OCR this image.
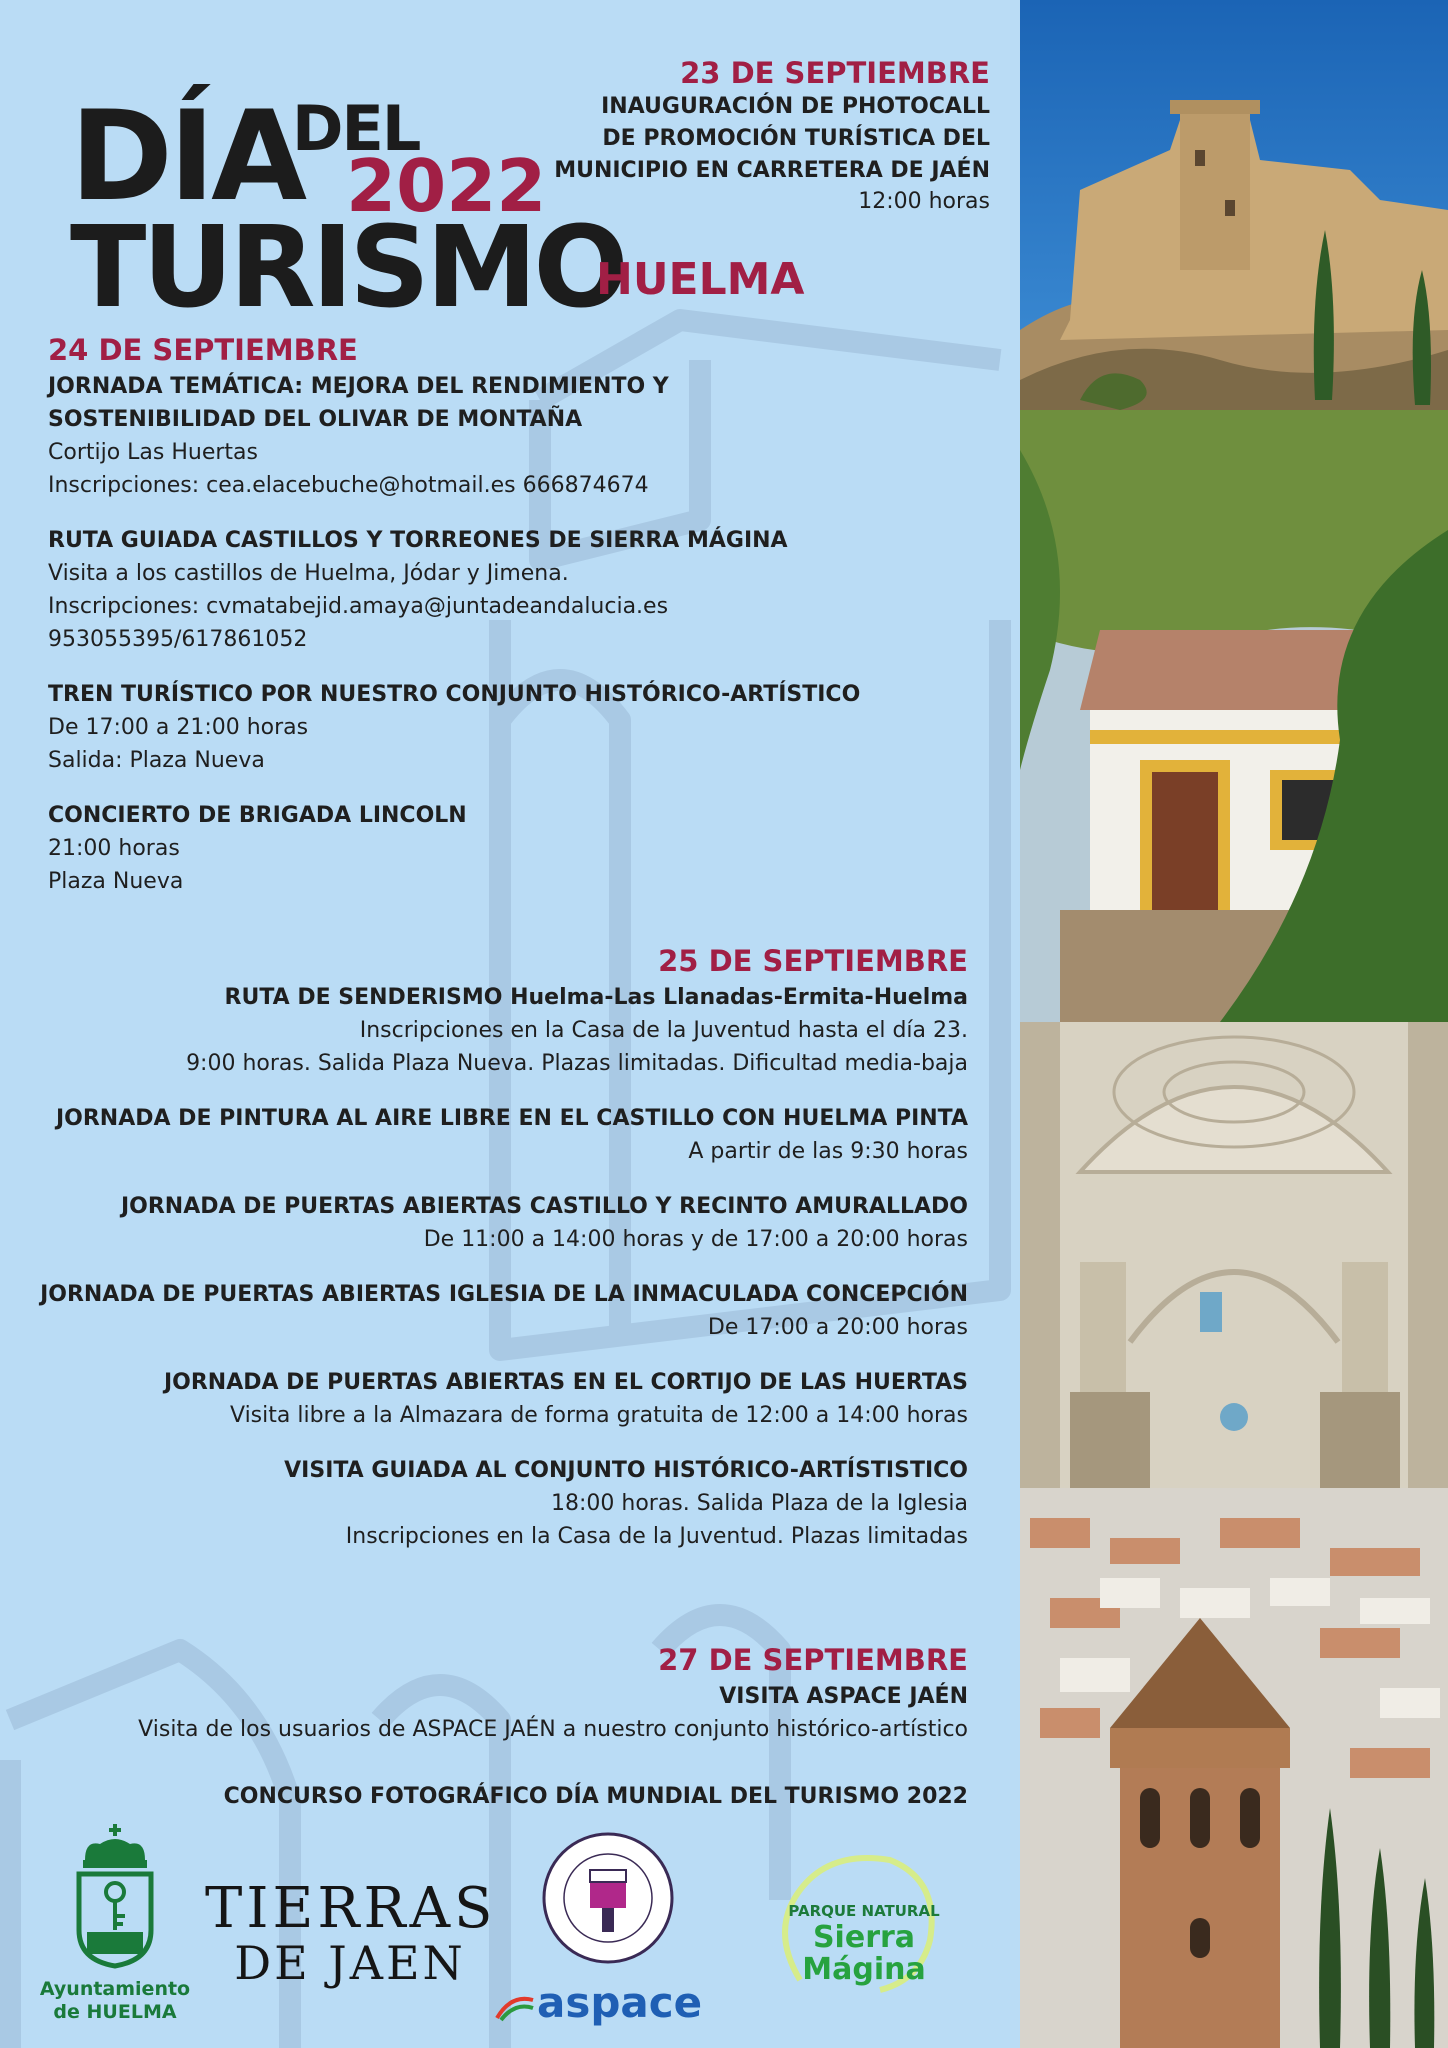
DÍA
DEL
2022
TURISMO
HUELMA
23 DE SEPTIEMBRE
INAUGURACIÓN DE PHOTOCALL
DE PROMOCIÓN TURÍSTICA DEL
MUNICIPIO EN CARRETERA DE JAÉN
12:00 horas
24 DE SEPTIEMBRE
JORNADA TEMÁTICA: MEJORA DEL RENDIMIENTO Y
SOSTENIBILIDAD DEL OLIVAR DE MONTAÑA
Cortijo Las Huertas
Inscripciones: cea.elacebuche@hotmail.es 666874674
RUTA GUIADA CASTILLOS Y TORREONES DE SIERRA MÁGINA
Visita a los castillos de Huelma, Jódar y Jimena.
Inscripciones: cvmatabejid.amaya@juntadeandalucia.es
953055395/617861052
TREN TURÍSTICO POR NUESTRO CONJUNTO HISTÓRICO-ARTÍSTICO
De 17:00 a 21:00 horas
Salida: Plaza Nueva
CONCIERTO DE BRIGADA LINCOLN
21:00 horas
Plaza Nueva
25 DE SEPTIEMBRE
RUTA DE SENDERISMO Huelma-Las Llanadas-Ermita-Huelma
Inscripciones en la Casa de la Juventud hasta el día 23.
9:00 horas. Salida Plaza Nueva. Plazas limitadas. Dificultad media-baja
JORNADA DE PINTURA AL AIRE LIBRE EN EL CASTILLO CON HUELMA PINTA
A partir de las 9:30 horas
JORNADA DE PUERTAS ABIERTAS CASTILLO Y RECINTO AMURALLADO
De 11:00 a 14:00 horas y de 17:00 a 20:00 horas
JORNADA DE PUERTAS ABIERTAS IGLESIA DE LA INMACULADA CONCEPCIÓN
De 17:00 a 20:00 horas
JORNADA DE PUERTAS ABIERTAS EN EL CORTIJO DE LAS HUERTAS
Visita libre a la Almazara de forma gratuita de 12:00 a 14:00 horas
VISITA GUIADA AL CONJUNTO HISTÓRICO-ARTÍSTISTICO
18:00 horas. Salida Plaza de la Iglesia
Inscripciones en la Casa de la Juventud. Plazas limitadas
27 DE SEPTIEMBRE
VISITA ASPACE JAÉN
Visita de los usuarios de ASPACE JAÉN a nuestro conjunto histórico-artístico
CONCURSO FOTOGRÁFICO DÍA MUNDIAL DEL TURISMO 2022
Ayuntamiento
de HUELMA
TIERRAS
DE JAEN
aspace
PARQUE NATURAL
Sierra
Mágina
